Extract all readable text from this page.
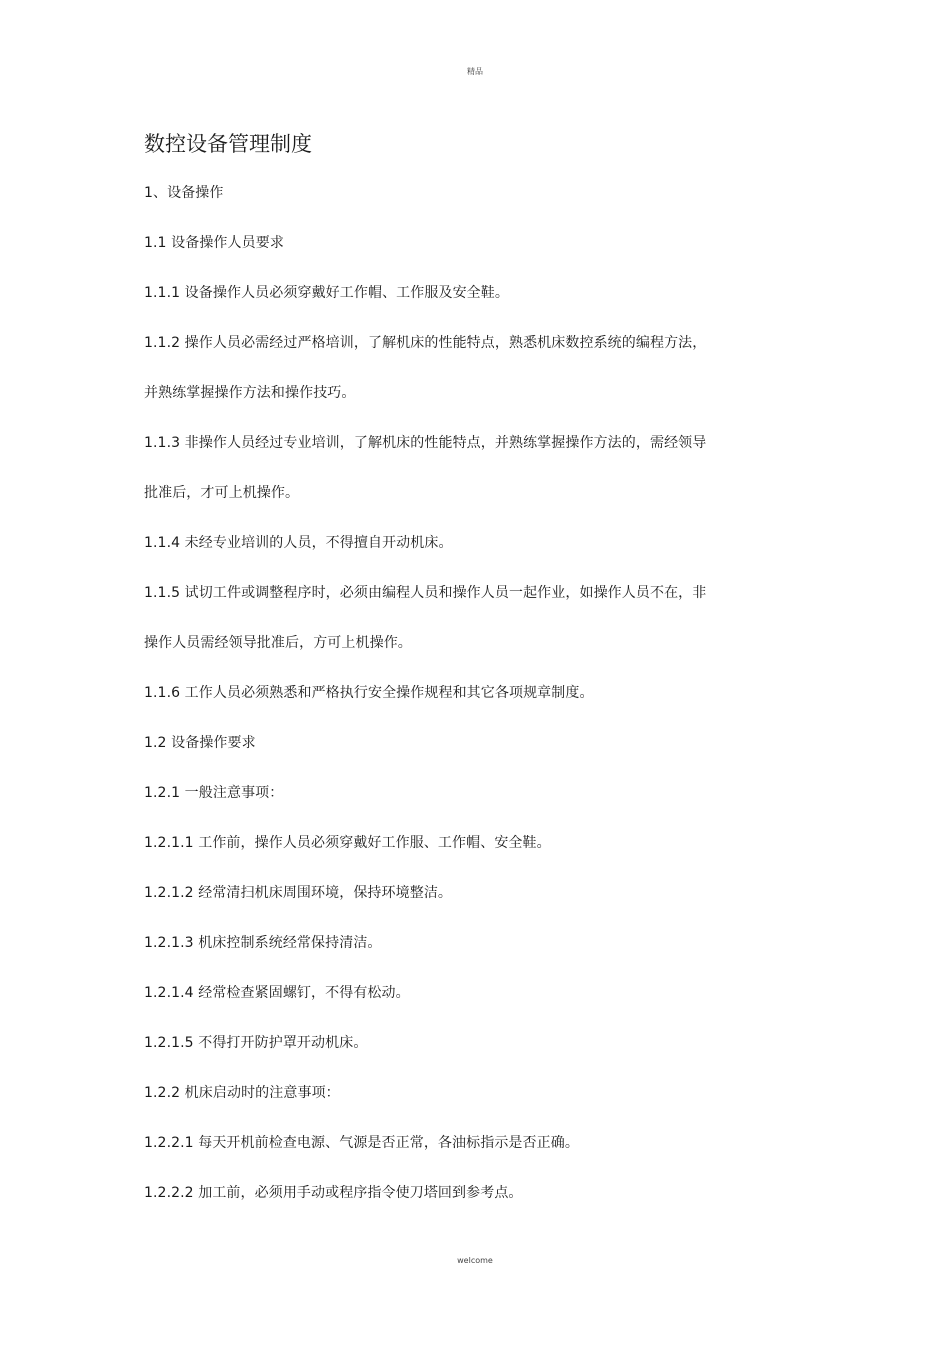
精品
数控设备管理制度
1、设备操作
1.1 设备操作人员要求
1.1.1 设备操作人员必须穿戴好工作帽、工作服及安全鞋。
1.1.2 操作人员必需经过严格培训，了解机床的性能特点，熟悉机床数控系统的编程方法，
并熟练掌握操作方法和操作技巧。
1.1.3 非操作人员经过专业培训，了解机床的性能特点，并熟练掌握操作方法的，需经领导
批准后，才可上机操作。
1.1.4 未经专业培训的人员，不得擅自开动机床。
1.1.5 试切工件或调整程序时，必须由编程人员和操作人员一起作业，如操作人员不在，非
操作人员需经领导批准后，方可上机操作。
1.1.6 工作人员必须熟悉和严格执行安全操作规程和其它各项规章制度。
1.2 设备操作要求
1.2.1 一般注意事项：
1.2.1.1 工作前，操作人员必须穿戴好工作服、工作帽、安全鞋。
1.2.1.2 经常清扫机床周围环境，保持环境整洁。
1.2.1.3 机床控制系统经常保持清洁。
1.2.1.4 经常检查紧固螺钉，不得有松动。
1.2.1.5 不得打开防护罩开动机床。
1.2.2 机床启动时的注意事项：
1.2.2.1 每天开机前检查电源、气源是否正常，各油标指示是否正确。
1.2.2.2 加工前，必须用手动或程序指令使刀塔回到参考点。
welcome
